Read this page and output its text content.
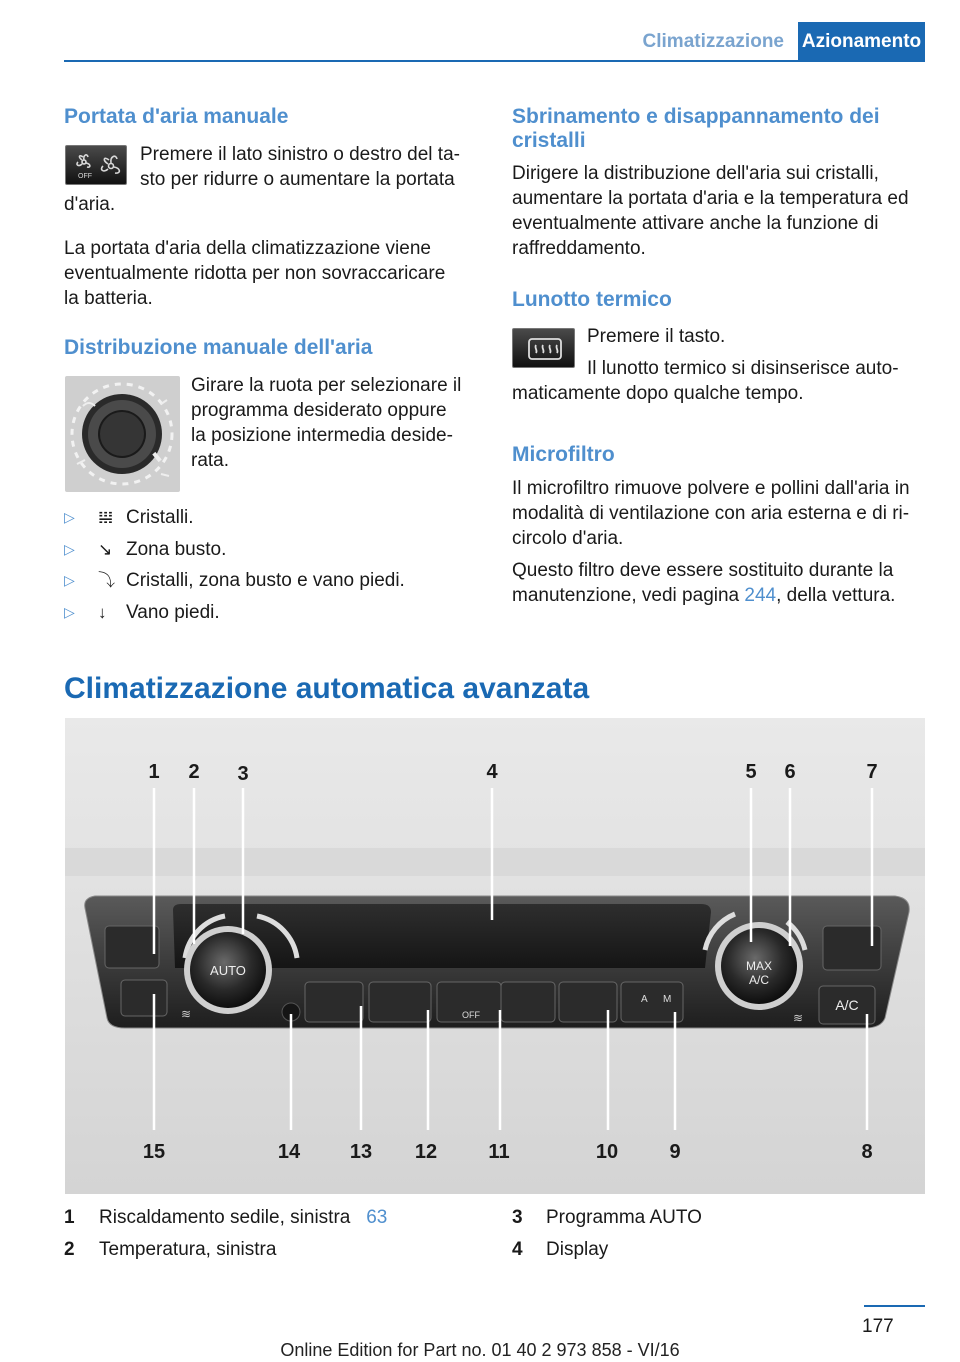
Climatizzazione Azionamento
Portata d'aria manuale
OFF
Premere il lato sinistro o destro del ta-
sto per ridurre o aumentare la portata
d'aria.
La portata d'aria della climatizzazione viene
eventualmente ridotta per non sovraccaricare
la batteria.
Distribuzione manuale dell'aria
Girare la ruota per selezionare il
programma desiderato oppure
la posizione intermedia deside-
rata.
▷ 𝍐 Cristalli.
▷ ↘ Zona busto.
▷ ⤵ Cristalli, zona busto e vano piedi.
▷ ↓ Vano piedi.
Sbrinamento e disappannamento dei
cristalli
Dirigere la distribuzione dell'aria sui cristalli,
aumentare la portata d'aria e la temperatura ed
eventualmente attivare anche la funzione di
raffreddamento.
Lunotto termico
Premere il tasto.
Il lunotto termico si disinserisce auto-
maticamente dopo qualche tempo.
Microfiltro
Il microfiltro rimuove polvere e pollini dall'aria in
modalità di ventilazione con aria esterna e di ri-
circolo d'aria.
Questo filtro deve essere sostituito durante la
manutenzione, vedi pagina 244, della vettura.
Climatizzazione automatica avanzata
≋
AUTO
OFF
A M
MAX
A/C
≋
A/C
1 2 3	4	5 6	7
15	14 13 12	11	10	9	8
1 Riscaldamento sedile, sinistra 63
2 Temperatura, sinistra
3 Programma AUTO
4 Display
177
Online Edition for Part no. 01 40 2 973 858 - VI/16
